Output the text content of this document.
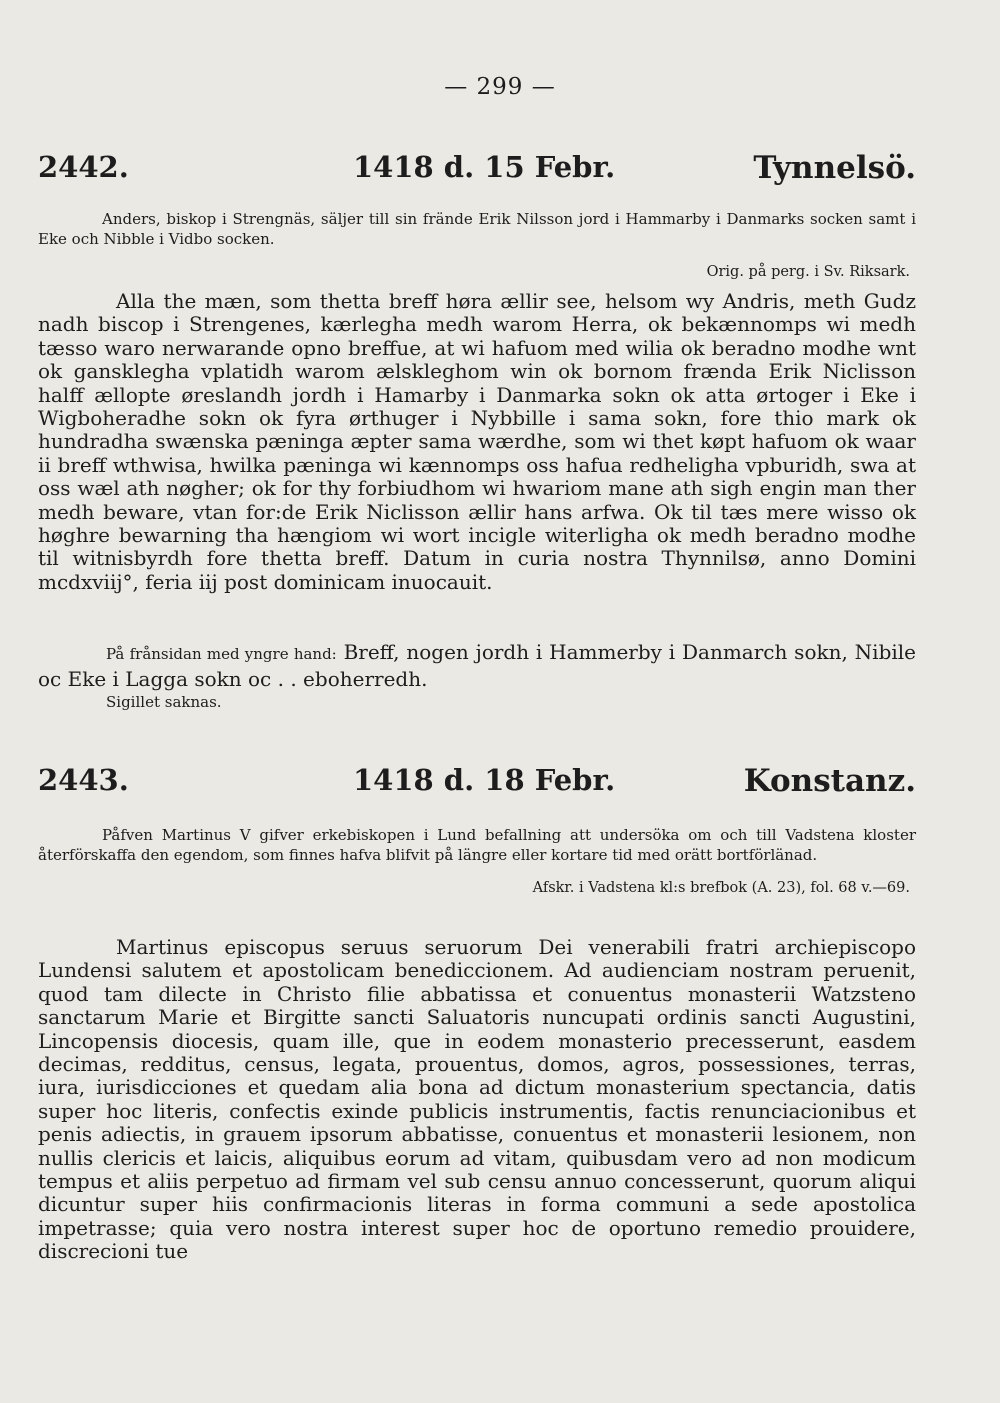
— 299 —
2442.	1418 d. 15 Febr.	Tynnelsö.
Anders, biskop i Strengnäs, säljer till sin frände Erik Nilsson jord i Hammarby i Danmarks socken samt i Eke och Nibble i Vidbo socken.
Orig. på perg. i Sv. Riksark.
Alla the mæn, som thetta breff høra ællir see, helsom wy Andris, meth Gudz nadh biscop i Strengenes, kærlegha medh warom Herra, ok bekænnomps wi medh tæsso waro nerwarande opno breffue, at wi hafuom med wilia ok beradno modhe wnt ok gansklegha vplatidh warom ælskleghom win ok bornom frænda Erik Niclisson halff ællopte øreslandh jordh i Hamarby i Danmarka sokn ok atta ørtoger i Eke i Wigboheradhe sokn ok fyra ørthuger i Nybbille i sama sokn, fore thio mark ok hundradha swænska pæninga æpter sama wærdhe, som wi thet køpt hafuom ok waar ii breff wthwisa, hwilka pæninga wi kænnomps oss hafua redheligha vpburidh, swa at oss wæl ath nøgher; ok for thy forbiudhom wi hwariom mane ath sigh engin man ther medh beware, vtan for:de Erik Niclisson ællir hans arfwa. Ok til tæs mere wisso ok høghre bewarning tha hængiom wi wort incigle witerligha ok medh beradno modhe til witnisbyrdh fore thetta breff. Datum in curia nostra Thynnilsø, anno Domini mcdxviij°, feria iij post dominicam inuocauit.
På frånsidan med yngre hand: Breff, nogen jordh i Hammerby i Danmarch sokn, Nibile oc Eke i Lagga sokn oc . . eboherredh.
Sigillet saknas.
2443.	1418 d. 18 Febr.	Konstanz.
Påfven Martinus V gifver erkebiskopen i Lund befallning att undersöka om och till Vadstena kloster återförskaffa den egendom, som finnes hafva blifvit på längre eller kortare tid med orätt bortförlänad.
Afskr. i Vadstena kl:s brefbok (A. 23), fol. 68 v.—69.
Martinus episcopus seruus seruorum Dei venerabili fratri archiepiscopo Lundensi salutem et apostolicam benediccionem. Ad audienciam nostram peruenit, quod tam dilecte in Christo filie abbatissa et conuentus monasterii Watzsteno sanctarum Marie et Birgitte sancti Saluatoris nuncupati ordinis sancti Augustini, Lincopensis diocesis, quam ille, que in eodem monasterio precesserunt, easdem decimas, redditus, census, legata, prouentus, domos, agros, possessiones, terras, iura, iurisdicciones et quedam alia bona ad dictum monasterium spectancia, datis super hoc literis, confectis exinde publicis instrumentis, factis renunciacionibus et penis adiectis, in grauem ipsorum abbatisse, conuentus et monasterii lesionem, non nullis clericis et laicis, aliquibus eorum ad vitam, quibusdam vero ad non modicum tempus et aliis perpetuo ad firmam vel sub censu annuo concesserunt, quorum aliqui dicuntur super hiis confirmacionis literas in forma communi a sede apostolica impetrasse; quia vero nostra interest super hoc de oportuno remedio prouidere, discrecioni tue
